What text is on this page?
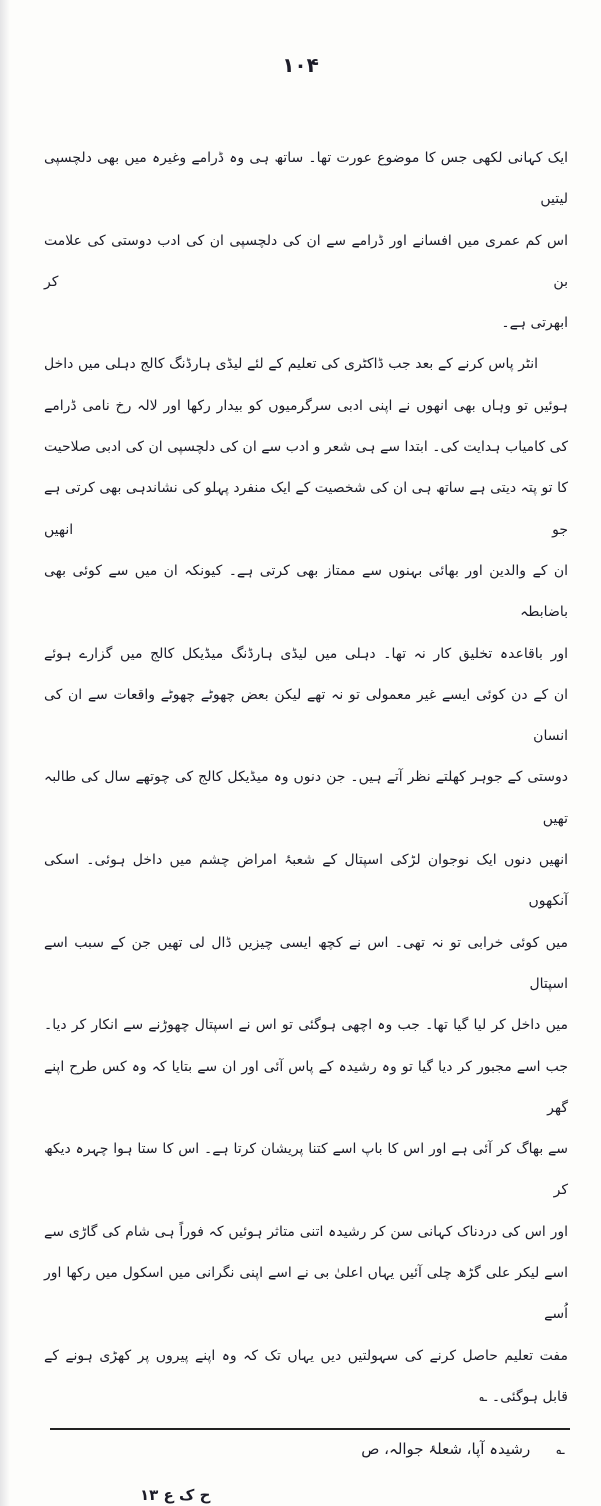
۱۰۴
ایک کہانی لکھی جس کا موضوع عورت تھا۔ ساتھ ہی وہ ڈرامے وغیرہ میں بھی دلچسپی لیتیں
اس کم عمری میں افسانے اور ڈرامے سے ان کی دلچسپی ان کی ادب دوستی کی علامت بن کر
ابھرتی ہے۔
انٹر پاس کرنے کے بعد جب ڈاکٹری کی تعلیم کے لئے لیڈی ہارڈنگ کالج دہلی میں داخل
ہوئیں تو وہاں بھی انھوں نے اپنی ادبی سرگرمیوں کو بیدار رکھا اور لالہ رخ نامی ڈرامے
کی کامیاب ہدایت کی۔ ابتدا سے ہی شعر و ادب سے ان کی دلچسپی ان کی ادبی صلاحیت
کا تو پتہ دیتی ہے ساتھ ہی ان کی شخصیت کے ایک منفرد پہلو کی نشاندہی بھی کرتی ہے جو انھیں
ان کے والدین اور بھائی بہنوں سے ممتاز بھی کرتی ہے۔ کیونکہ ان میں سے کوئی بھی باضابطہ
اور باقاعدہ تخلیق کار نہ تھا۔ دہلی میں لیڈی ہارڈنگ میڈیکل کالج میں گزارے ہوئے
ان کے دن کوئی ایسے غیر معمولی تو نہ تھے لیکن بعض چھوٹے چھوٹے واقعات سے ان کی انسان
دوستی کے جوہر کھلتے نظر آتے ہیں۔ جن دنوں وہ میڈیکل کالج کی چوتھے سال کی طالبہ تھیں
انھیں دنوں ایک نوجوان لڑکی اسپتال کے شعبۂ امراض چشم میں داخل ہوئی۔ اسکی آنکھوں
میں کوئی خرابی تو نہ تھی۔ اس نے کچھ ایسی چیزیں ڈال لی تھیں جن کے سبب اسے اسپتال
میں داخل کر لیا گیا تھا۔ جب وہ اچھی ہوگئی تو اس نے اسپتال چھوڑنے سے انکار کر دیا۔
جب اسے مجبور کر دیا گیا تو وہ رشیدہ کے پاس آئی اور ان سے بتایا کہ وہ کس طرح اپنے گھر
سے بھاگ کر آئی ہے اور اس کا باپ اسے کتنا پریشان کرتا ہے۔ اس کا ستا ہوا چہرہ دیکھ کر
اور اس کی دردناک کہانی سن کر رشیدہ اتنی متاثر ہوئیں کہ فوراً ہی شام کی گاڑی سے
اسے لیکر علی گڑھ چلی آئیں یہاں اعلیٰ بی نے اسے اپنی نگرانی میں اسکول میں رکھا اور اُسے
مفت تعلیم حاصل کرنے کی سہولتیں دیں یہاں تک کہ وہ اپنے پیروں پر کھڑی ہونے کے
قابل ہوگئی۔ ؎
؎رشیدہ آپا، شعلۂ جوالہ، ص
ح ک ع ۱۳
